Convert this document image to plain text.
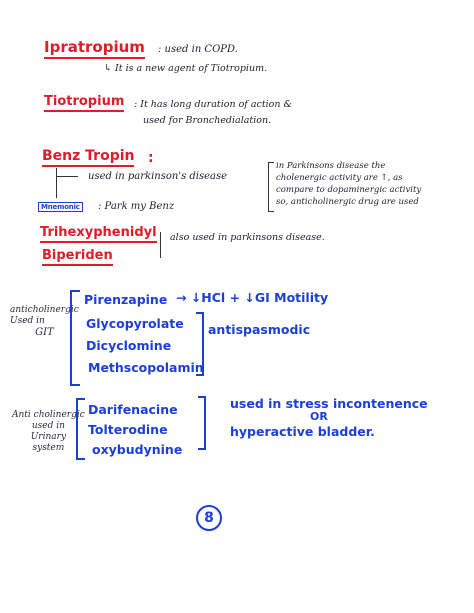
Ipratropium : used in COPD.
↳ It is a new agent of Tiotropium.
Tiotropium : It has long duration of action &
used for Bronchedialation.
Benz Tropin :
used in parkinson's disease
Mnemonic	: Park my Benz
in Parkinsons disease the
cholenergic activity are ↑, as
compare to dopaminergic activity
so, anticholinergic drug are used
Trihexyphenidyl
Biperiden
also used in parkinsons disease.
anticholinergic
Used in
GIT
Pirenzapine → ↓HCl + ↓GI Motility
Glycopyrolate
Dicyclomine
Methscopolamin
antispasmodic
Anti cholinergic
used in
Urinary
system
Darifenacine
Tolterodine
oxybudynine
used in stress incontenence
OR
hyperactive bladder.
8
